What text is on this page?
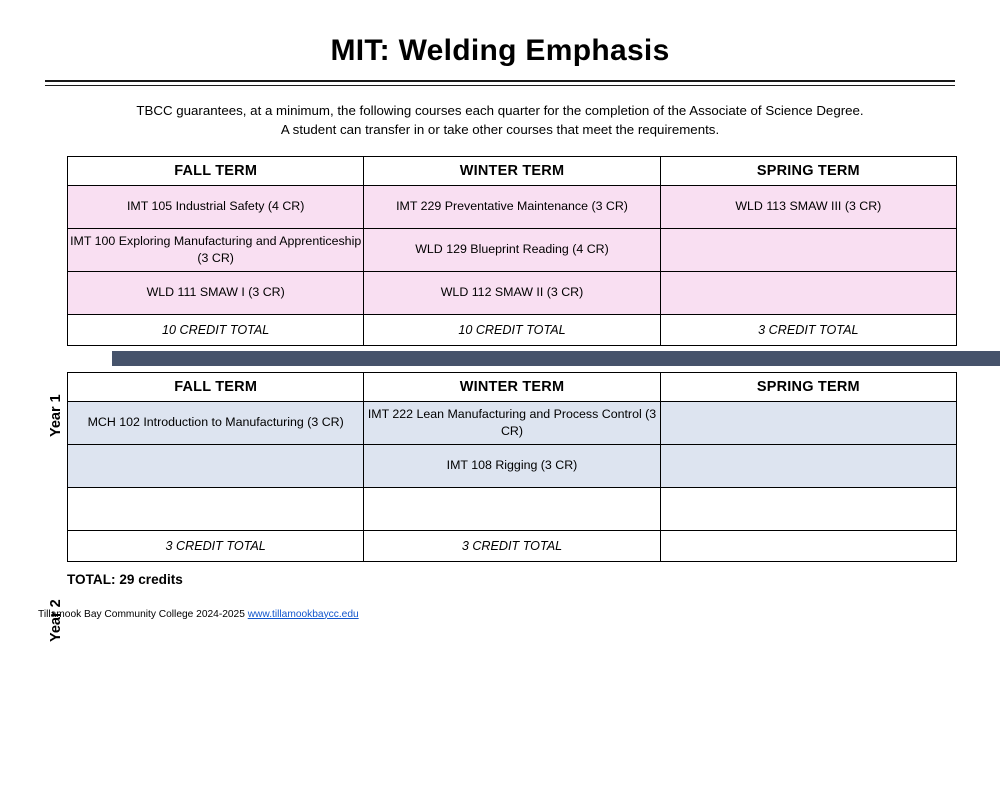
MIT: Welding Emphasis
TBCC guarantees, at a minimum, the following courses each quarter for the completion of the Associate of Science Degree.
A student can transfer in or take other courses that meet the requirements.
Year 1
FALL TERM	WINTER TERM	SPRING TERM
IMT 105 Industrial Safety (4 CR)	IMT 229 Preventative Maintenance (3 CR)	WLD 113 SMAW III (3 CR)
IMT 100 Exploring Manufacturing and Apprenticeship (3 CR)	WLD 129 Blueprint Reading (4 CR)	
WLD 111 SMAW I (3 CR)	WLD 112 SMAW II (3 CR)	
10 CREDIT TOTAL	10 CREDIT TOTAL	3 CREDIT TOTAL
Year 2
FALL TERM	WINTER TERM	SPRING TERM
MCH 102 Introduction to Manufacturing (3 CR)	IMT 222 Lean Manufacturing and Process Control (3 CR)	
	IMT 108 Rigging (3 CR)	

3 CREDIT TOTAL	3 CREDIT TOTAL	
TOTAL: 29 credits
Tillamook Bay Community College 2024-2025 www.tillamookbaycc.edu
